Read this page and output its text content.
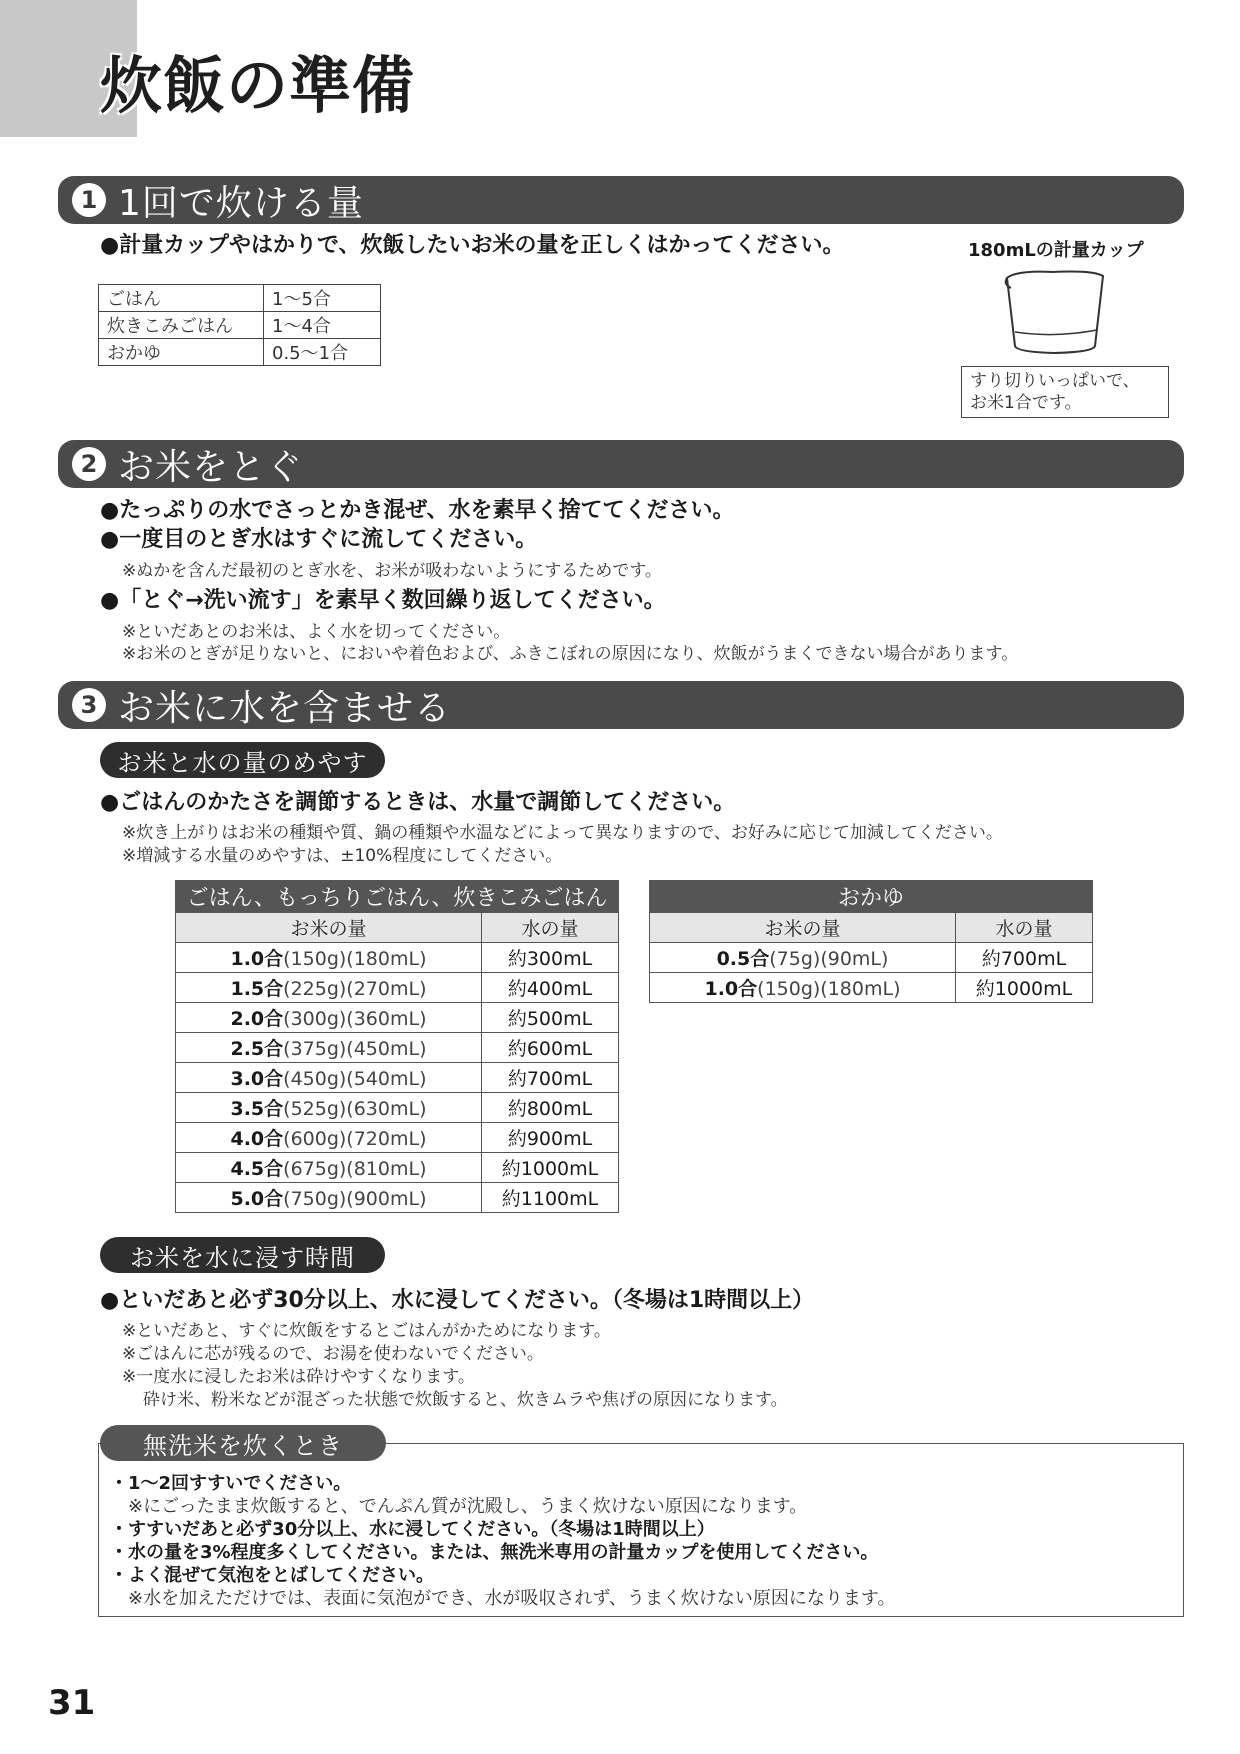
炊飯の準備
1 1回で炊ける量
●計量カップやはかりで、炊飯したいお米の量を正しくはかってください。
ごはん	1〜5合
炊きこみごはん	1〜4合
おかゆ	0.5〜1合
180mLの計量カップ
すり切りいっぱいで、
お米1合です。
2 お米をとぐ
●たっぷりの水でさっとかき混ぜ、水を素早く捨ててください。
●一度目のとぎ水はすぐに流してください。
※ぬかを含んだ最初のとぎ水を、お米が吸わないようにするためです。
●「とぐ→洗い流す」を素早く数回繰り返してください。
※といだあとのお米は、よく水を切ってください。
※お米のとぎが足りないと、においや着色および、ふきこぼれの原因になり、炊飯がうまくできない場合があります。
3 お米に水を含ませる
お米と水の量のめやす
●ごはんのかたさを調節するときは、水量で調節してください。
※炊き上がりはお米の種類や質、鍋の種類や水温などによって異なりますので、お好みに応じて加減してください。
※増減する水量のめやすは、±10%程度にしてください。
ごはん、もっちりごはん、炊きこみごはん	
お米の量	水の量
1.0合(150g)(180mL)	約300mL
1.5合(225g)(270mL)	約400mL
2.0合(300g)(360mL)	約500mL
2.5合(375g)(450mL)	約600mL
3.0合(450g)(540mL)	約700mL
3.5合(525g)(630mL)	約800mL
4.0合(600g)(720mL)	約900mL
4.5合(675g)(810mL)	約1000mL
5.0合(750g)(900mL)	約1100mL
おかゆ	
お米の量	水の量
0.5合(75g)(90mL)	約700mL
1.0合(150g)(180mL)	約1000mL
お米を水に浸す時間
●といだあと必ず30分以上、水に浸してください。（冬場は1時間以上）
※といだあと、すぐに炊飯をするとごはんがかためになります。
※ごはんに芯が残るので、お湯を使わないでください。
※一度水に浸したお米は砕けやすくなります。
砕け米、粉米などが混ざった状態で炊飯すると、炊きムラや焦げの原因になります。
無洗米を炊くとき
・1〜2回すすいでください。
※にごったまま炊飯すると、でんぷん質が沈殿し、うまく炊けない原因になります。
・すすいだあと必ず30分以上、水に浸してください。（冬場は1時間以上）
・水の量を3%程度多くしてください。または、無洗米専用の計量カップを使用してください。
・よく混ぜて気泡をとばしてください。
※水を加えただけでは、表面に気泡ができ、水が吸収されず、うまく炊けない原因になります。
31
